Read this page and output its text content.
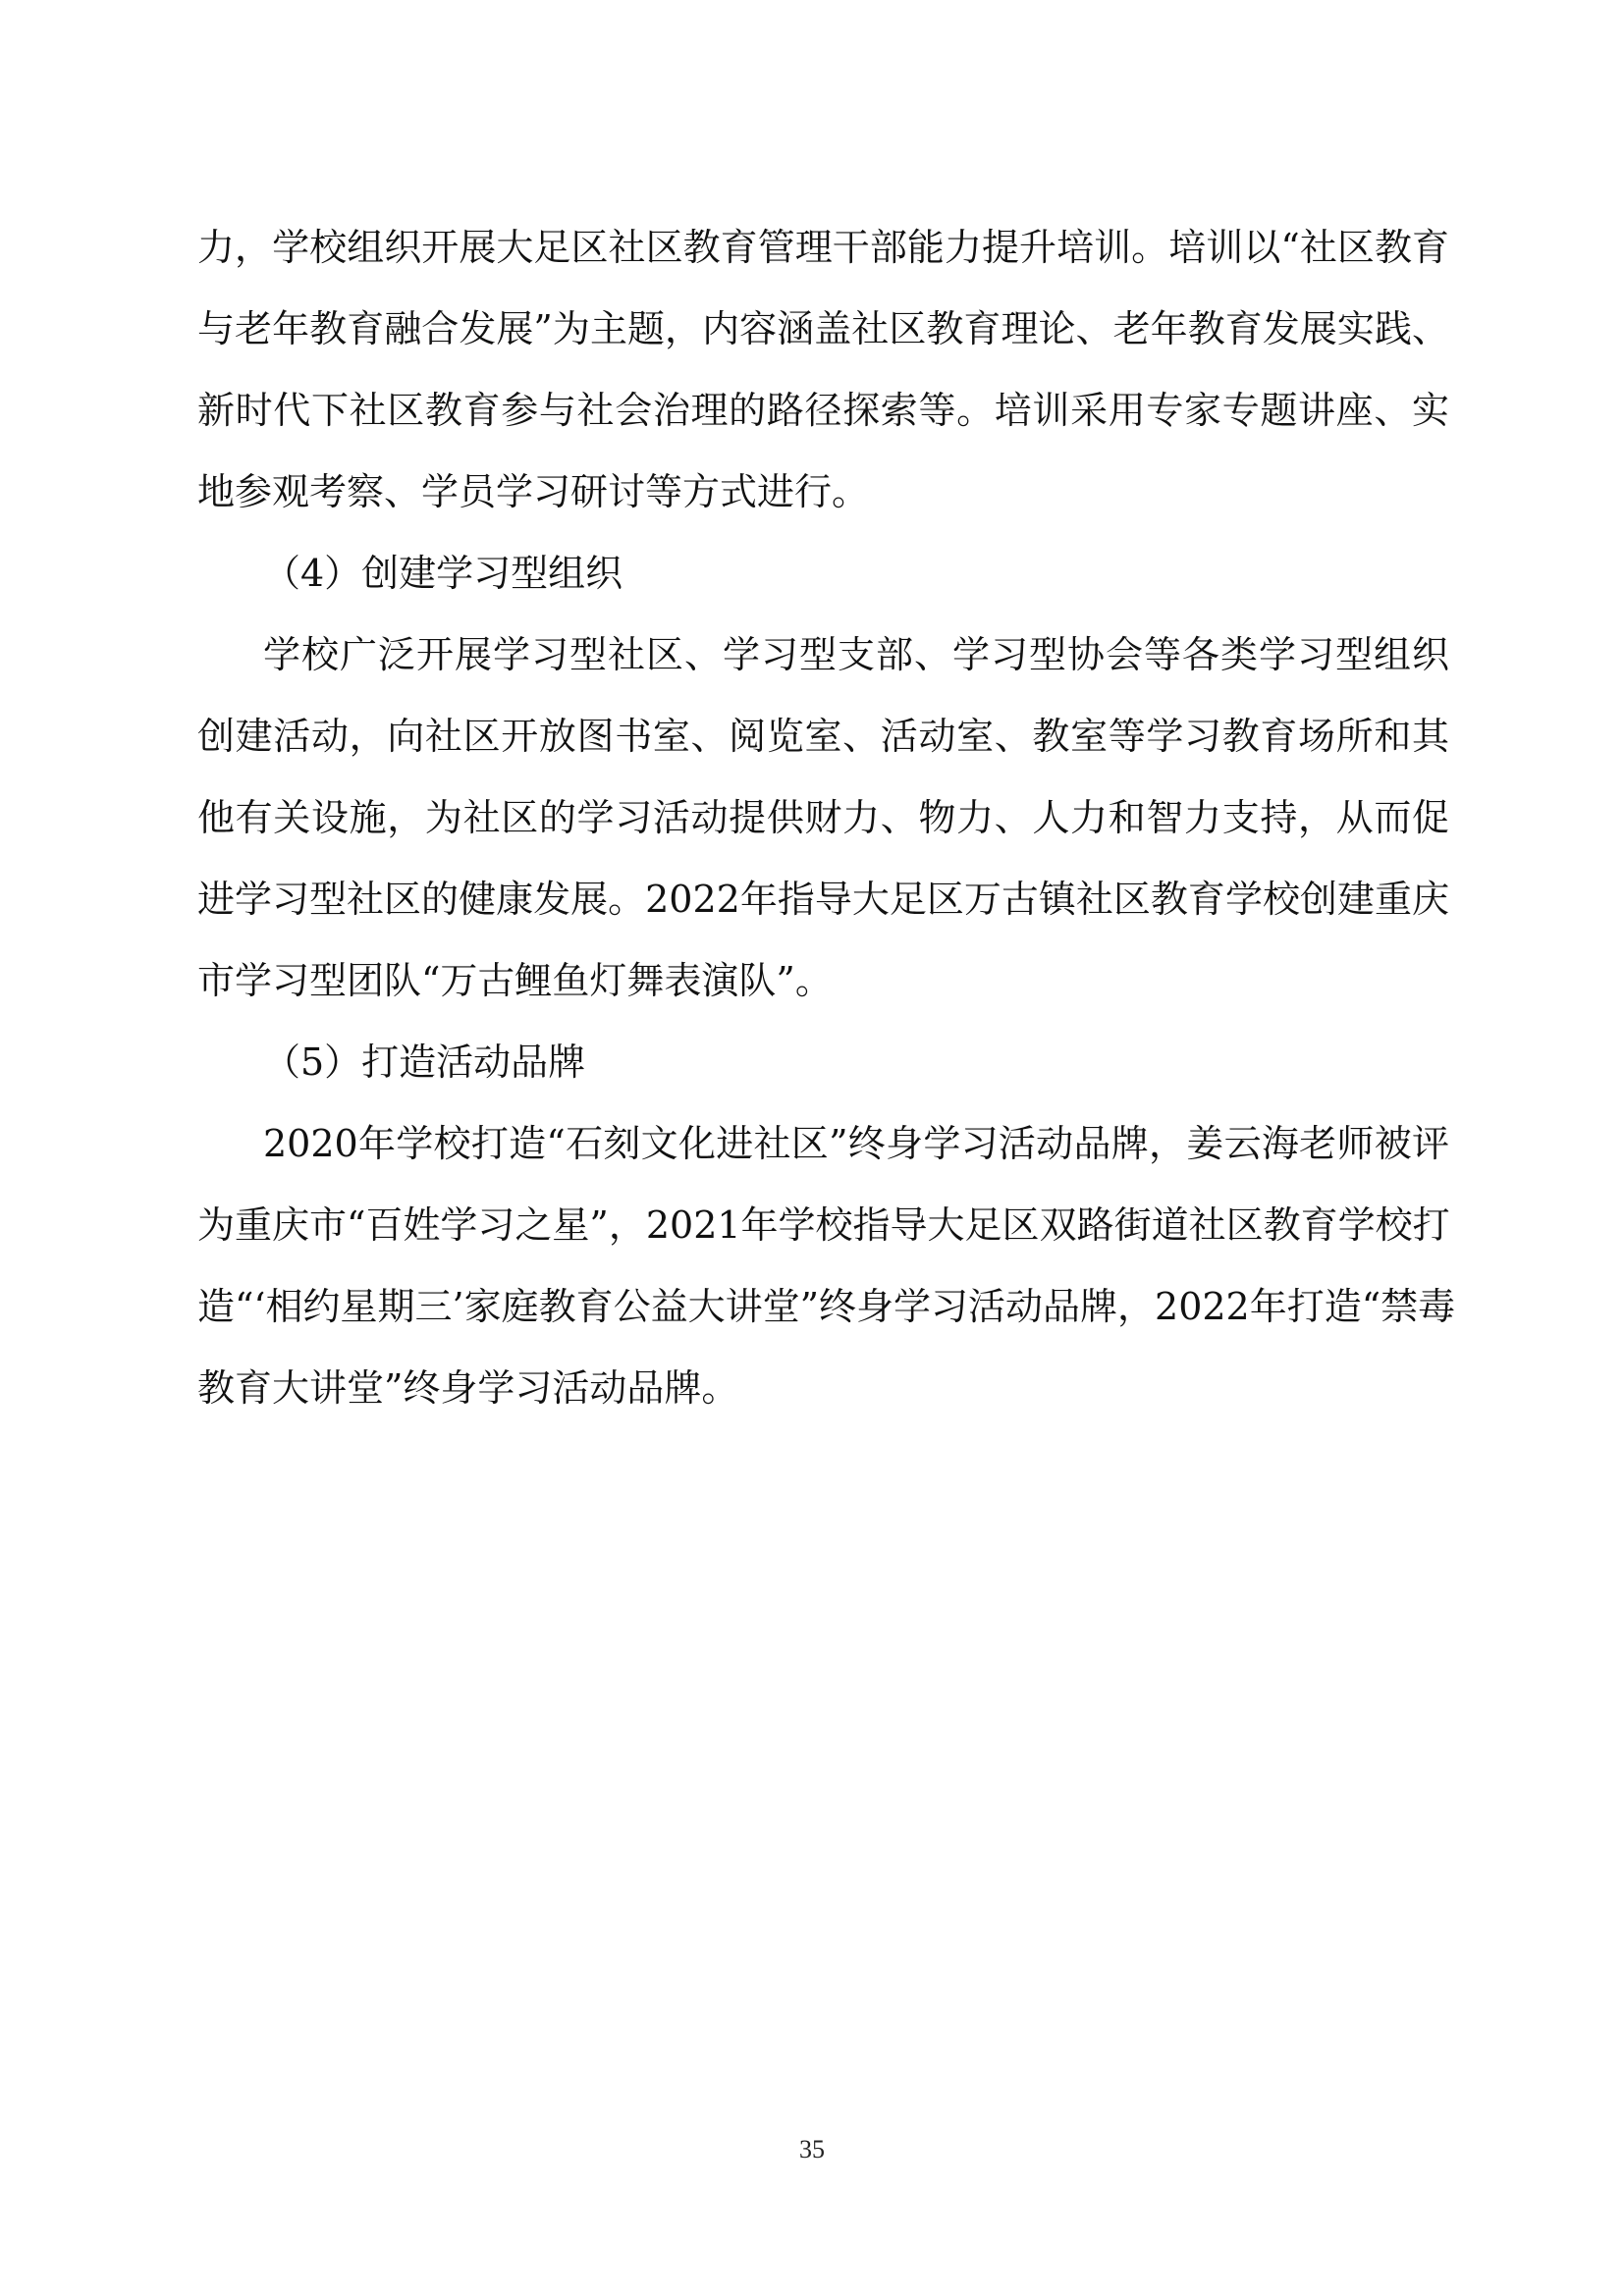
力，学校组织开展大足区社区教育管理干部能力提升培训。培训以“社区教育
与老年教育融合发展”为主题，内容涵盖社区教育理论、老年教育发展实践、
新时代下社区教育参与社会治理的路径探索等。培训采用专家专题讲座、实
地参观考察、学员学习研讨等方式进行。
（4）创建学习型组织
学校广泛开展学习型社区、学习型支部、学习型协会等各类学习型组织
创建活动，向社区开放图书室、阅览室、活动室、教室等学习教育场所和其
他有关设施，为社区的学习活动提供财力、物力、人力和智力支持，从而促
进学习型社区的健康发展。2022年指导大足区万古镇社区教育学校创建重庆
市学习型团队“万古鲤鱼灯舞表演队”。
（5）打造活动品牌
2020年学校打造“石刻文化进社区”终身学习活动品牌，姜云海老师被评
为重庆市“百姓学习之星”，2021年学校指导大足区双路街道社区教育学校打
造“‘相约星期三’家庭教育公益大讲堂”终身学习活动品牌，2022年打造“禁毒
教育大讲堂”终身学习活动品牌。
35
